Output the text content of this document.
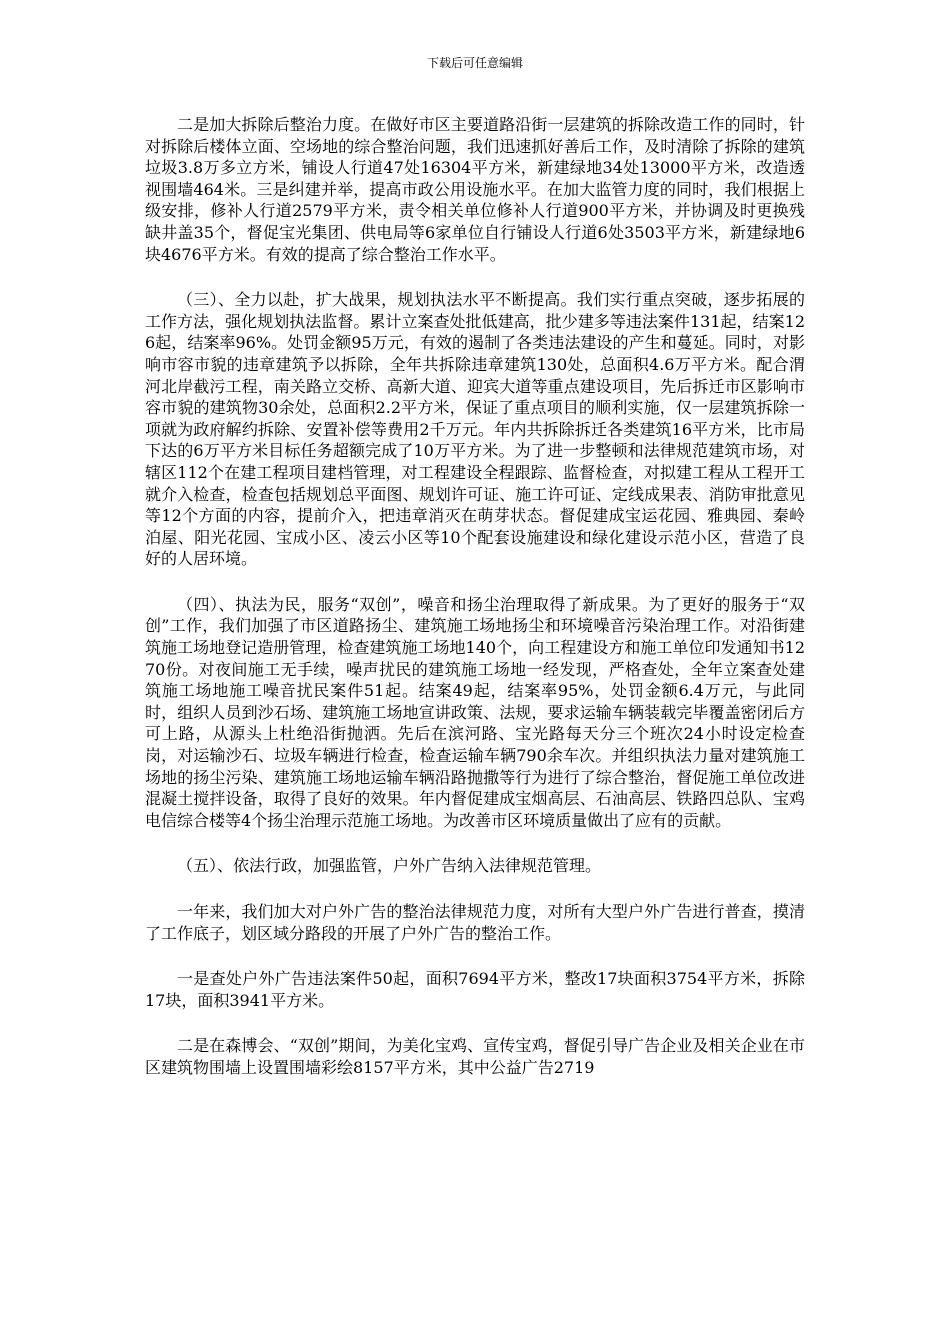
下载后可任意编辑

二是加大拆除后整治力度。在做好市区主要道路沿街一层建筑的拆除改造工作的同时，针对拆除后楼体立面、空场地的综合整治问题，我们迅速抓好善后工作，及时清除了拆除的建筑垃圾3.8万多立方米，铺设人行道47处16304平方米，新建绿地34处13000平方米，改造透视围墙464米。三是纠建并举，提高市政公用设施水平。在加大监管力度的同时，我们根据上级安排，修补人行道2579平方米，责令相关单位修补人行道900平方米，并协调及时更换残缺井盖35个，督促宝光集团、供电局等6家单位自行铺设人行道6处3503平方米，新建绿地6块4676平方米。有效的提高了综合整治工作水平。

（三）、全力以赴，扩大战果，规划执法水平不断提高。我们实行重点突破，逐步拓展的工作方法，强化规划执法监督。累计立案查处批低建高，批少建多等违法案件131起，结案126起，结案率96%。处罚金额95万元，有效的遏制了各类违法建设的产生和蔓延。同时，对影响市容市貌的违章建筑予以拆除，全年共拆除违章建筑130处，总面积4.6万平方米。配合渭河北岸截污工程，南关路立交桥、高新大道、迎宾大道等重点建设项目，先后拆迁市区影响市容市貌的建筑物30余处，总面积2.2平方米，保证了重点项目的顺利实施，仅一层建筑拆除一项就为政府解约拆除、安置补偿等费用2千万元。年内共拆除拆迁各类建筑16平方米，比市局下达的6万平方米目标任务超额完成了10万平方米。为了进一步整顿和法律规范建筑市场，对辖区112个在建工程项目建档管理，对工程建设全程跟踪、监督检查，对拟建工程从工程开工就介入检查，检查包括规划总平面图、规划许可证、施工许可证、定线成果表、消防审批意见等12个方面的内容，提前介入，把违章消灭在萌芽状态。督促建成宝运花园、雅典园、秦岭泊屋、阳光花园、宝成小区、凌云小区等10个配套设施建设和绿化建设示范小区，营造了良好的人居环境。

（四）、执法为民，服务“双创”，噪音和扬尘治理取得了新成果。为了更好的服务于“双创”工作，我们加强了市区道路扬尘、建筑施工场地扬尘和环境噪音污染治理工作。对沿街建筑施工场地登记造册管理，检查建筑施工场地140个，向工程建设方和施工单位印发通知书1270份。对夜间施工无手续，噪声扰民的建筑施工场地一经发现，严格查处，全年立案查处建筑施工场地施工噪音扰民案件51起。结案49起，结案率95%，处罚金额6.4万元，与此同时，组织人员到沙石场、建筑施工场地宣讲政策、法规，要求运输车辆装载完毕覆盖密闭后方可上路，从源头上杜绝沿街抛洒。先后在滨河路、宝光路每天分三个班次24小时设定检查岗，对运输沙石、垃圾车辆进行检查，检查运输车辆790余车次。并组织执法力量对建筑施工场地的扬尘污染、建筑施工场地运输车辆沿路抛撒等行为进行了综合整治，督促施工单位改进混凝土搅拌设备，取得了良好的效果。年内督促建成宝烟高层、石油高层、铁路四总队、宝鸡电信综合楼等4个扬尘治理示范施工场地。为改善市区环境质量做出了应有的贡献。

（五）、依法行政，加强监管，户外广告纳入法律规范管理。

一年来，我们加大对户外广告的整治法律规范力度，对所有大型户外广告进行普查，摸清了工作底子，划区域分路段的开展了户外广告的整治工作。

一是查处户外广告违法案件50起，面积7694平方米，整改17块面积3754平方米，拆除17块，面积3941平方米。

二是在森博会、“双创”期间，为美化宝鸡、宣传宝鸡，督促引导广告企业及相关企业在市区建筑物围墙上设置围墙彩绘8157平方米，其中公益广告2719
